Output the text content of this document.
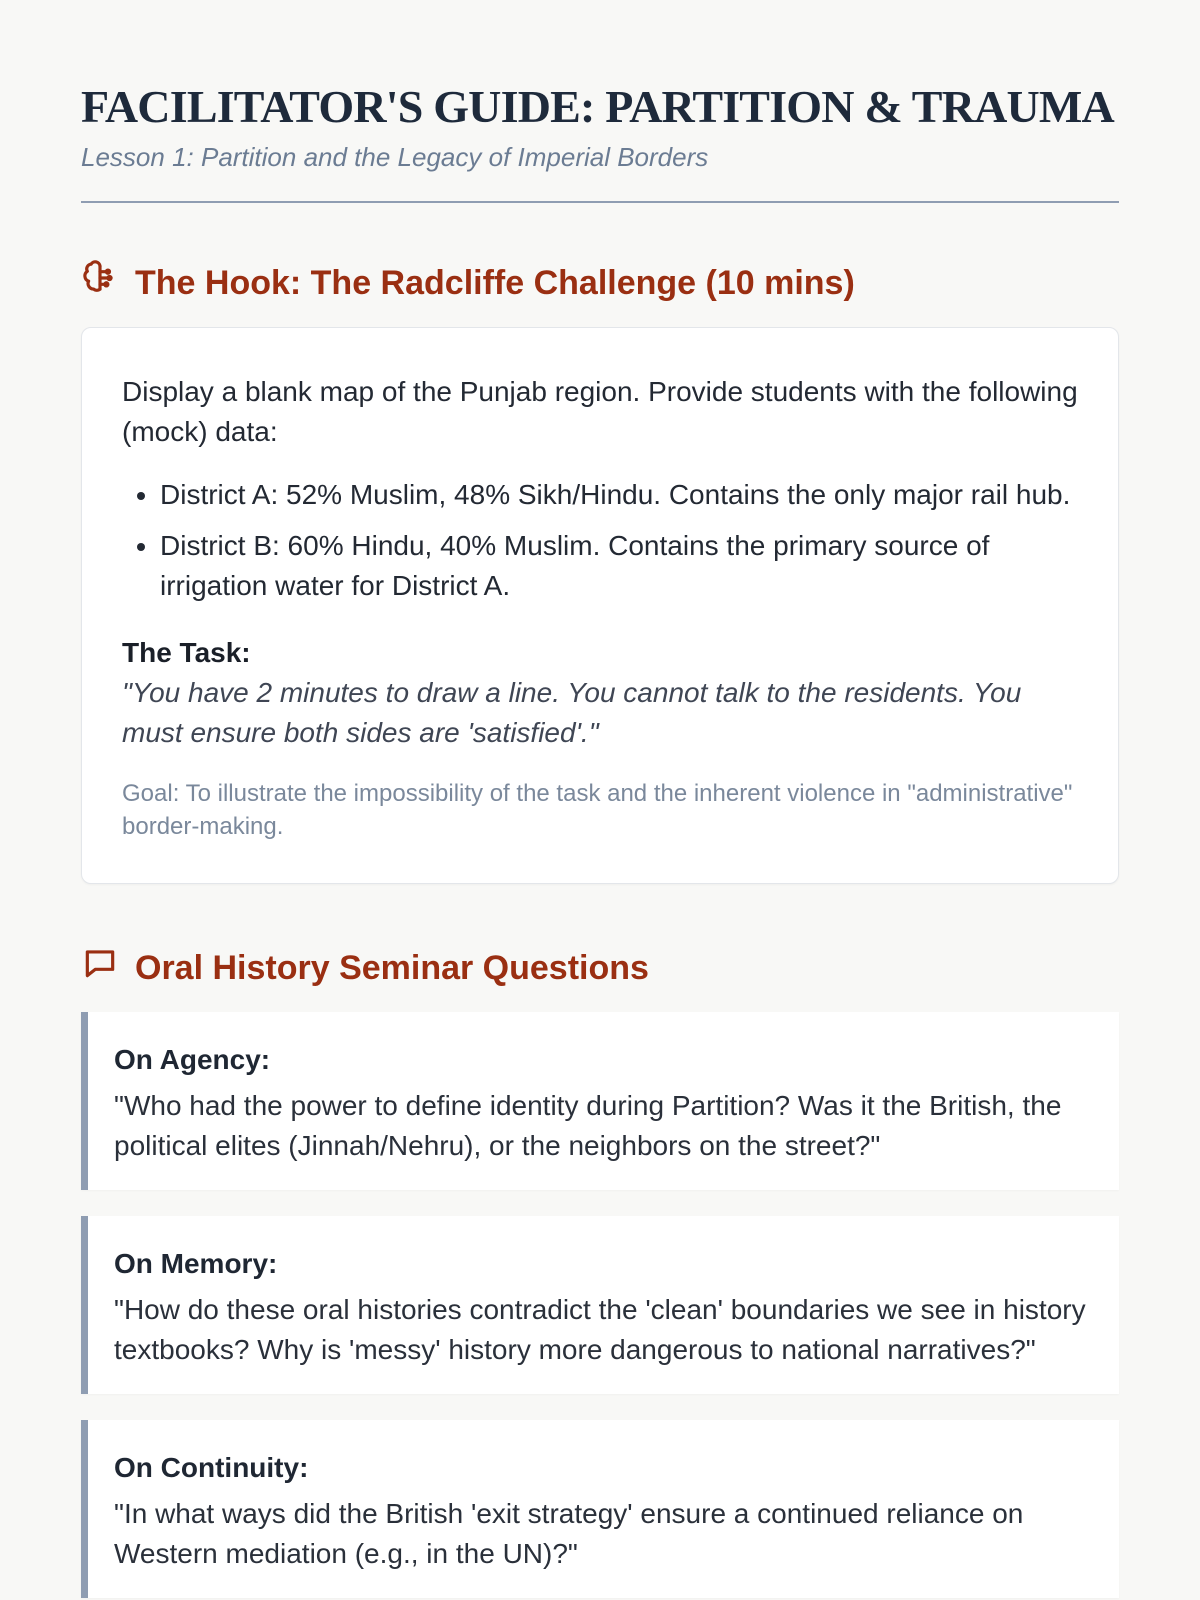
FACILITATOR'S GUIDE: PARTITION & TRAUMA
Lesson 1: Partition and the Legacy of Imperial Borders
The Hook: The Radcliffe Challenge (10 mins)

Display a blank map of the Punjab region. Provide students with the following (mock) data:

• District A: 52% Muslim, 48% Sikh/Hindu. Contains the only major rail hub.
• District B: 60% Hindu, 40% Muslim. Contains the primary source of irrigation water for District A.
The Task:
"You have 2 minutes to draw a line. You cannot talk to the residents. You must ensure both sides are 'satisfied'."
Goal: To illustrate the impossibility of the task and the inherent violence in "administrative" border-making.
Oral History Seminar Questions
On Agency:
"Who had the power to define identity during Partition? Was it the British, the political elites (Jinnah/Nehru), or the neighbors on the street?"
On Memory:
"How do these oral histories contradict the 'clean' boundaries we see in history textbooks? Why is 'messy' history more dangerous to national narratives?"
On Continuity:
"In what ways did the British 'exit strategy' ensure a continued reliance on Western mediation (e.g., in the UN)?"
